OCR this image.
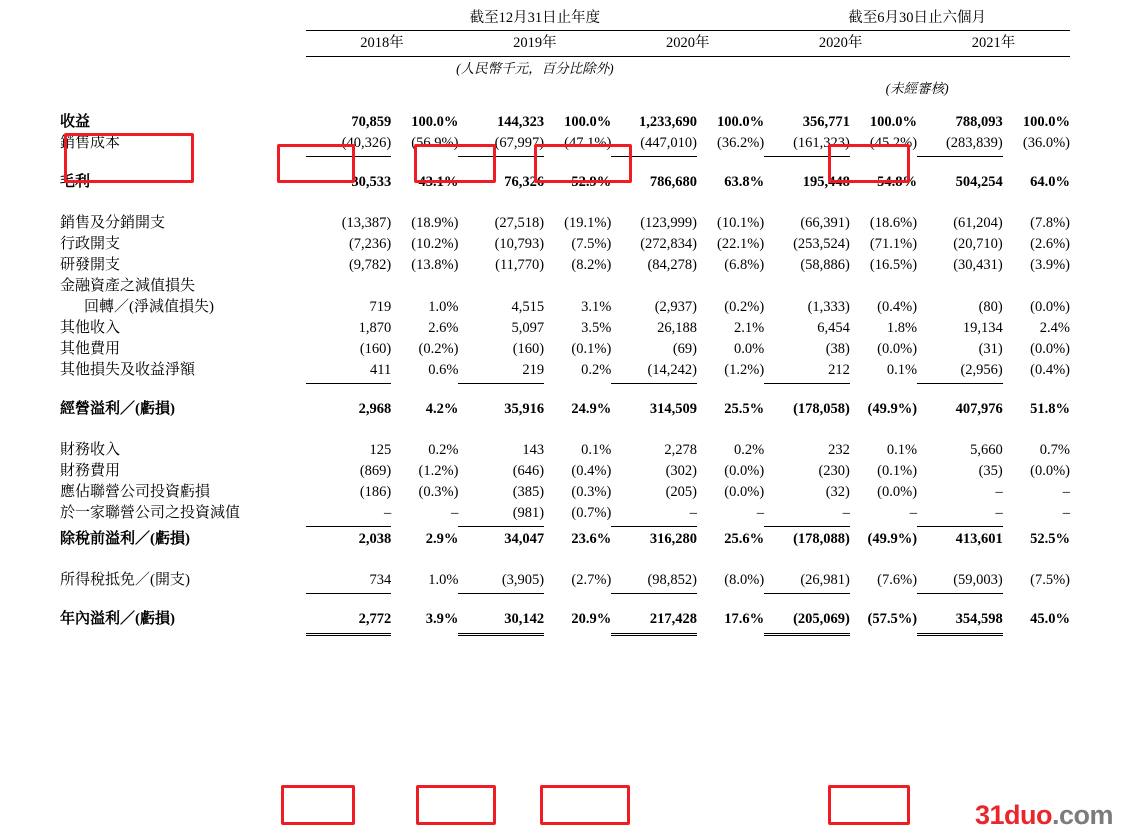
	截至12月31日止年度						截至6月30日止六個月			

	2018年		2019年		2020年		2020年		2021年	

	(人民幣千元，百分比除外)									
							(未經審核)			

收益	70,859	100.0%	144,323	100.0%	1,233,690	100.0%	356,771	100.0%	788,093	100.0%
銷售成本	(40,326)	(56.9%)	(67,997)	(47.1%)	(447,010)	(36.2%)	(161,323)	(45.2%)	(283,839)	(36.0%)

毛利	30,533	43.1%	76,326	52.9%	786,680	63.8%	195,448	54.8%	504,254	64.0%

銷售及分銷開支	(13,387)	(18.9%)	(27,518)	(19.1%)	(123,999)	(10.1%)	(66,391)	(18.6%)	(61,204)	(7.8%)
行政開支	(7,236)	(10.2%)	(10,793)	(7.5%)	(272,834)	(22.1%)	(253,524)	(71.1%)	(20,710)	(2.6%)
研發開支	(9,782)	(13.8%)	(11,770)	(8.2%)	(84,278)	(6.8%)	(58,886)	(16.5%)	(30,431)	(3.9%)
金融資產之減值損失										
回轉／(淨減值損失)	719	1.0%	4,515	3.1%	(2,937)	(0.2%)	(1,333)	(0.4%)	(80)	(0.0%)
其他收入	1,870	2.6%	5,097	3.5%	26,188	2.1%	6,454	1.8%	19,134	2.4%
其他費用	(160)	(0.2%)	(160)	(0.1%)	(69)	0.0%	(38)	(0.0%)	(31)	(0.0%)
其他損失及收益淨額	411	0.6%	219	0.2%	(14,242)	(1.2%)	212	0.1%	(2,956)	(0.4%)

經營溢利／(虧損)	2,968	4.2%	35,916	24.9%	314,509	25.5%	(178,058)	(49.9%)	407,976	51.8%

財務收入	125	0.2%	143	0.1%	2,278	0.2%	232	0.1%	5,660	0.7%
財務費用	(869)	(1.2%)	(646)	(0.4%)	(302)	(0.0%)	(230)	(0.1%)	(35)	(0.0%)
應佔聯營公司投資虧損	(186)	(0.3%)	(385)	(0.3%)	(205)	(0.0%)	(32)	(0.0%)	–	–
於一家聯營公司之投資減值	–	–	(981)	(0.7%)	–	–	–	–	–	–

除稅前溢利／(虧損)	2,038	2.9%	34,047	23.6%	316,280	25.6%	(178,088)	(49.9%)	413,601	52.5%

所得稅抵免／(開支)	734	1.0%	(3,905)	(2.7%)	(98,852)	(8.0%)	(26,981)	(7.6%)	(59,003)	(7.5%)

年內溢利／(虧損)	2,772	3.9%	30,142	20.9%	217,428	17.6%	(205,069)	(57.5%)	354,598	45.0%

31duo.com
